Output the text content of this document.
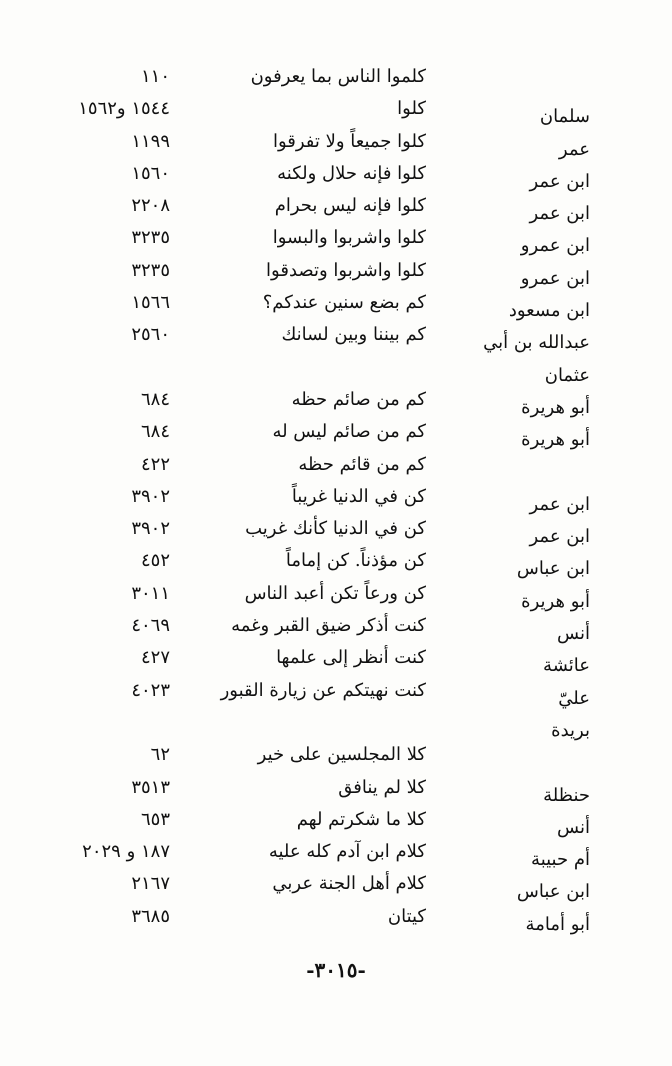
كلموا الناس بما يعرفون
١١٠
سلمان
كلوا
١٥٤٤ و١٥٦٢
عمر
كلوا جميعاً ولا تفرقوا
١١٩٩
ابن عمر
كلوا فإنه حلال ولكنه
١٥٦٠
ابن عمر
كلوا فإنه ليس بحرام
٢٢٠٨
ابن عمرو
كلوا واشربوا والبسوا
٣٢٣٥
ابن عمرو
كلوا واشربوا وتصدقوا
٣٢٣٥
ابن مسعود
كم بضع سنين عندكم؟
١٥٦٦
عبدالله بن أبي
كم بيننا وبين لسانك
٢٥٦٠
عثمان
أبو هريرة
كم من صائم حظه
٦٨٤
أبو هريرة
كم من صائم ليس له
٦٨٤
كم من قائم حظه
٤٢٢
ابن عمر
كن في الدنيا غريباً
٣٩٠٢
ابن عمر
كن في الدنيا كأنك غريب
٣٩٠٢
ابن عباس
كن مؤذناً. كن إماماً
٤٥٢
أبو هريرة
كن ورعاً تكن أعبد الناس
٣٠١١
أنس
كنت أذكر ضيق القبر وغمه
٤٠٦٩
عائشة
كنت أنظر إلى علمها
٤٢٧
عليّ
كنت نهيتكم عن زيارة القبور
٤٠٢٣
بريدة
كلا المجلسين على خير
٦٢
حنظلة
كلا لم ينافق
٣٥١٣
أنس
كلا ما شكرتم لهم
٦٥٣
أم حبيبة
كلام ابن آدم كله عليه
١٨٧ و ٢٠٢٩
ابن عباس
كلام أهل الجنة عربي
٢١٦٧
أبو أمامة
كيتان
٣٦٨٥
-٣٠١٥-
